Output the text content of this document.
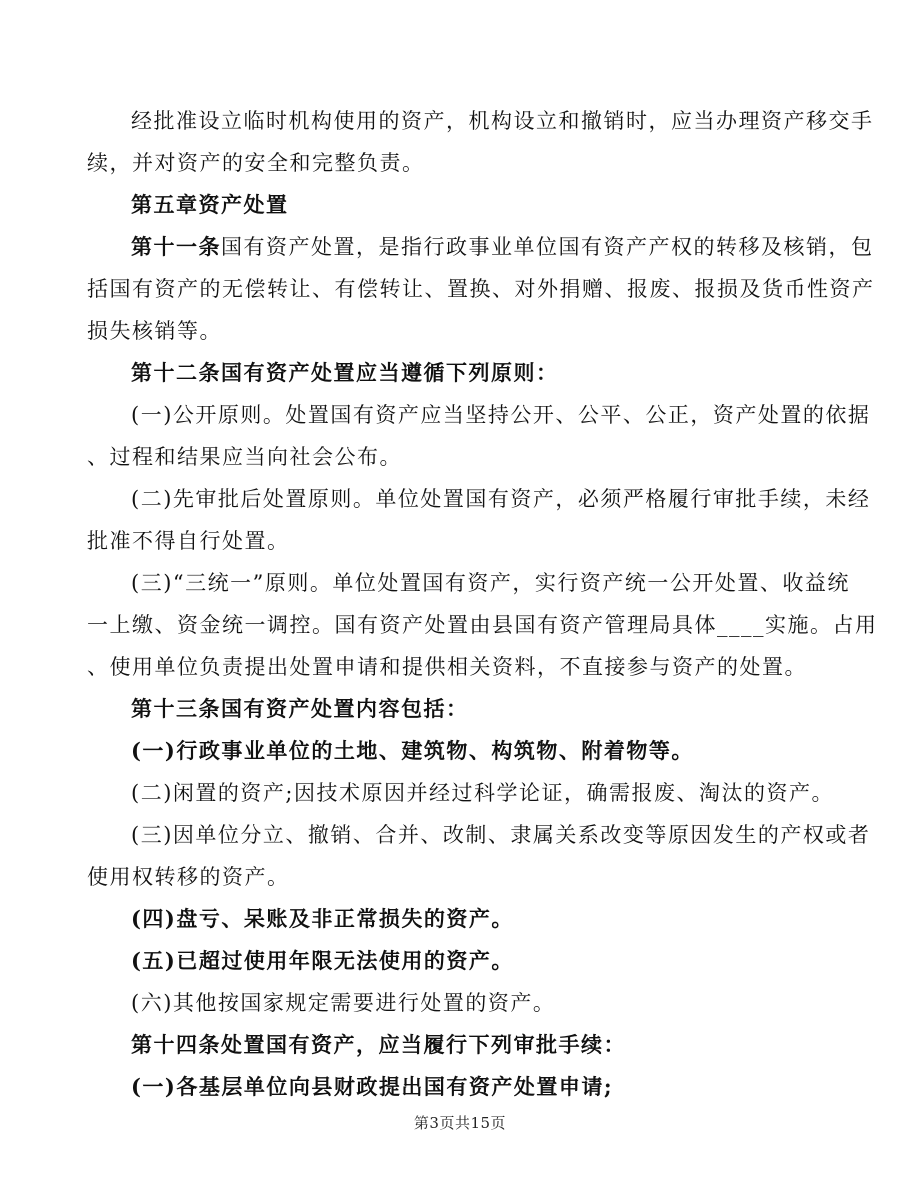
经批准设立临时机构使用的资产，机构设立和撤销时，应当办理资产移交手
续，并对资产的安全和完整负责。
第五章资产处置
第十一条国有资产处置，是指行政事业单位国有资产产权的转移及核销，包
括国有资产的无偿转让、有偿转让、置换、对外捐赠、报废、报损及货币性资产
损失核销等。
第十二条国有资产处置应当遵循下列原则：
(一)公开原则。处置国有资产应当坚持公开、公平、公正，资产处置的依据
、过程和结果应当向社会公布。
(二)先审批后处置原则。单位处置国有资产，必须严格履行审批手续，未经
批准不得自行处置。
(三)“三统一”原则。单位处置国有资产，实行资产统一公开处置、收益统
一上缴、资金统一调控。国有资产处置由县国有资产管理局具体____实施。占用
、使用单位负责提出处置申请和提供相关资料，不直接参与资产的处置。
第十三条国有资产处置内容包括：
(一)行政事业单位的土地、建筑物、构筑物、附着物等。
(二)闲置的资产;因技术原因并经过科学论证，确需报废、淘汰的资产。
(三)因单位分立、撤销、合并、改制、隶属关系改变等原因发生的产权或者
使用权转移的资产。
(四)盘亏、呆账及非正常损失的资产。
(五)已超过使用年限无法使用的资产。
(六)其他按国家规定需要进行处置的资产。
第十四条处置国有资产，应当履行下列审批手续：
(一)各基层单位向县财政提出国有资产处置申请;
第3页共15页
